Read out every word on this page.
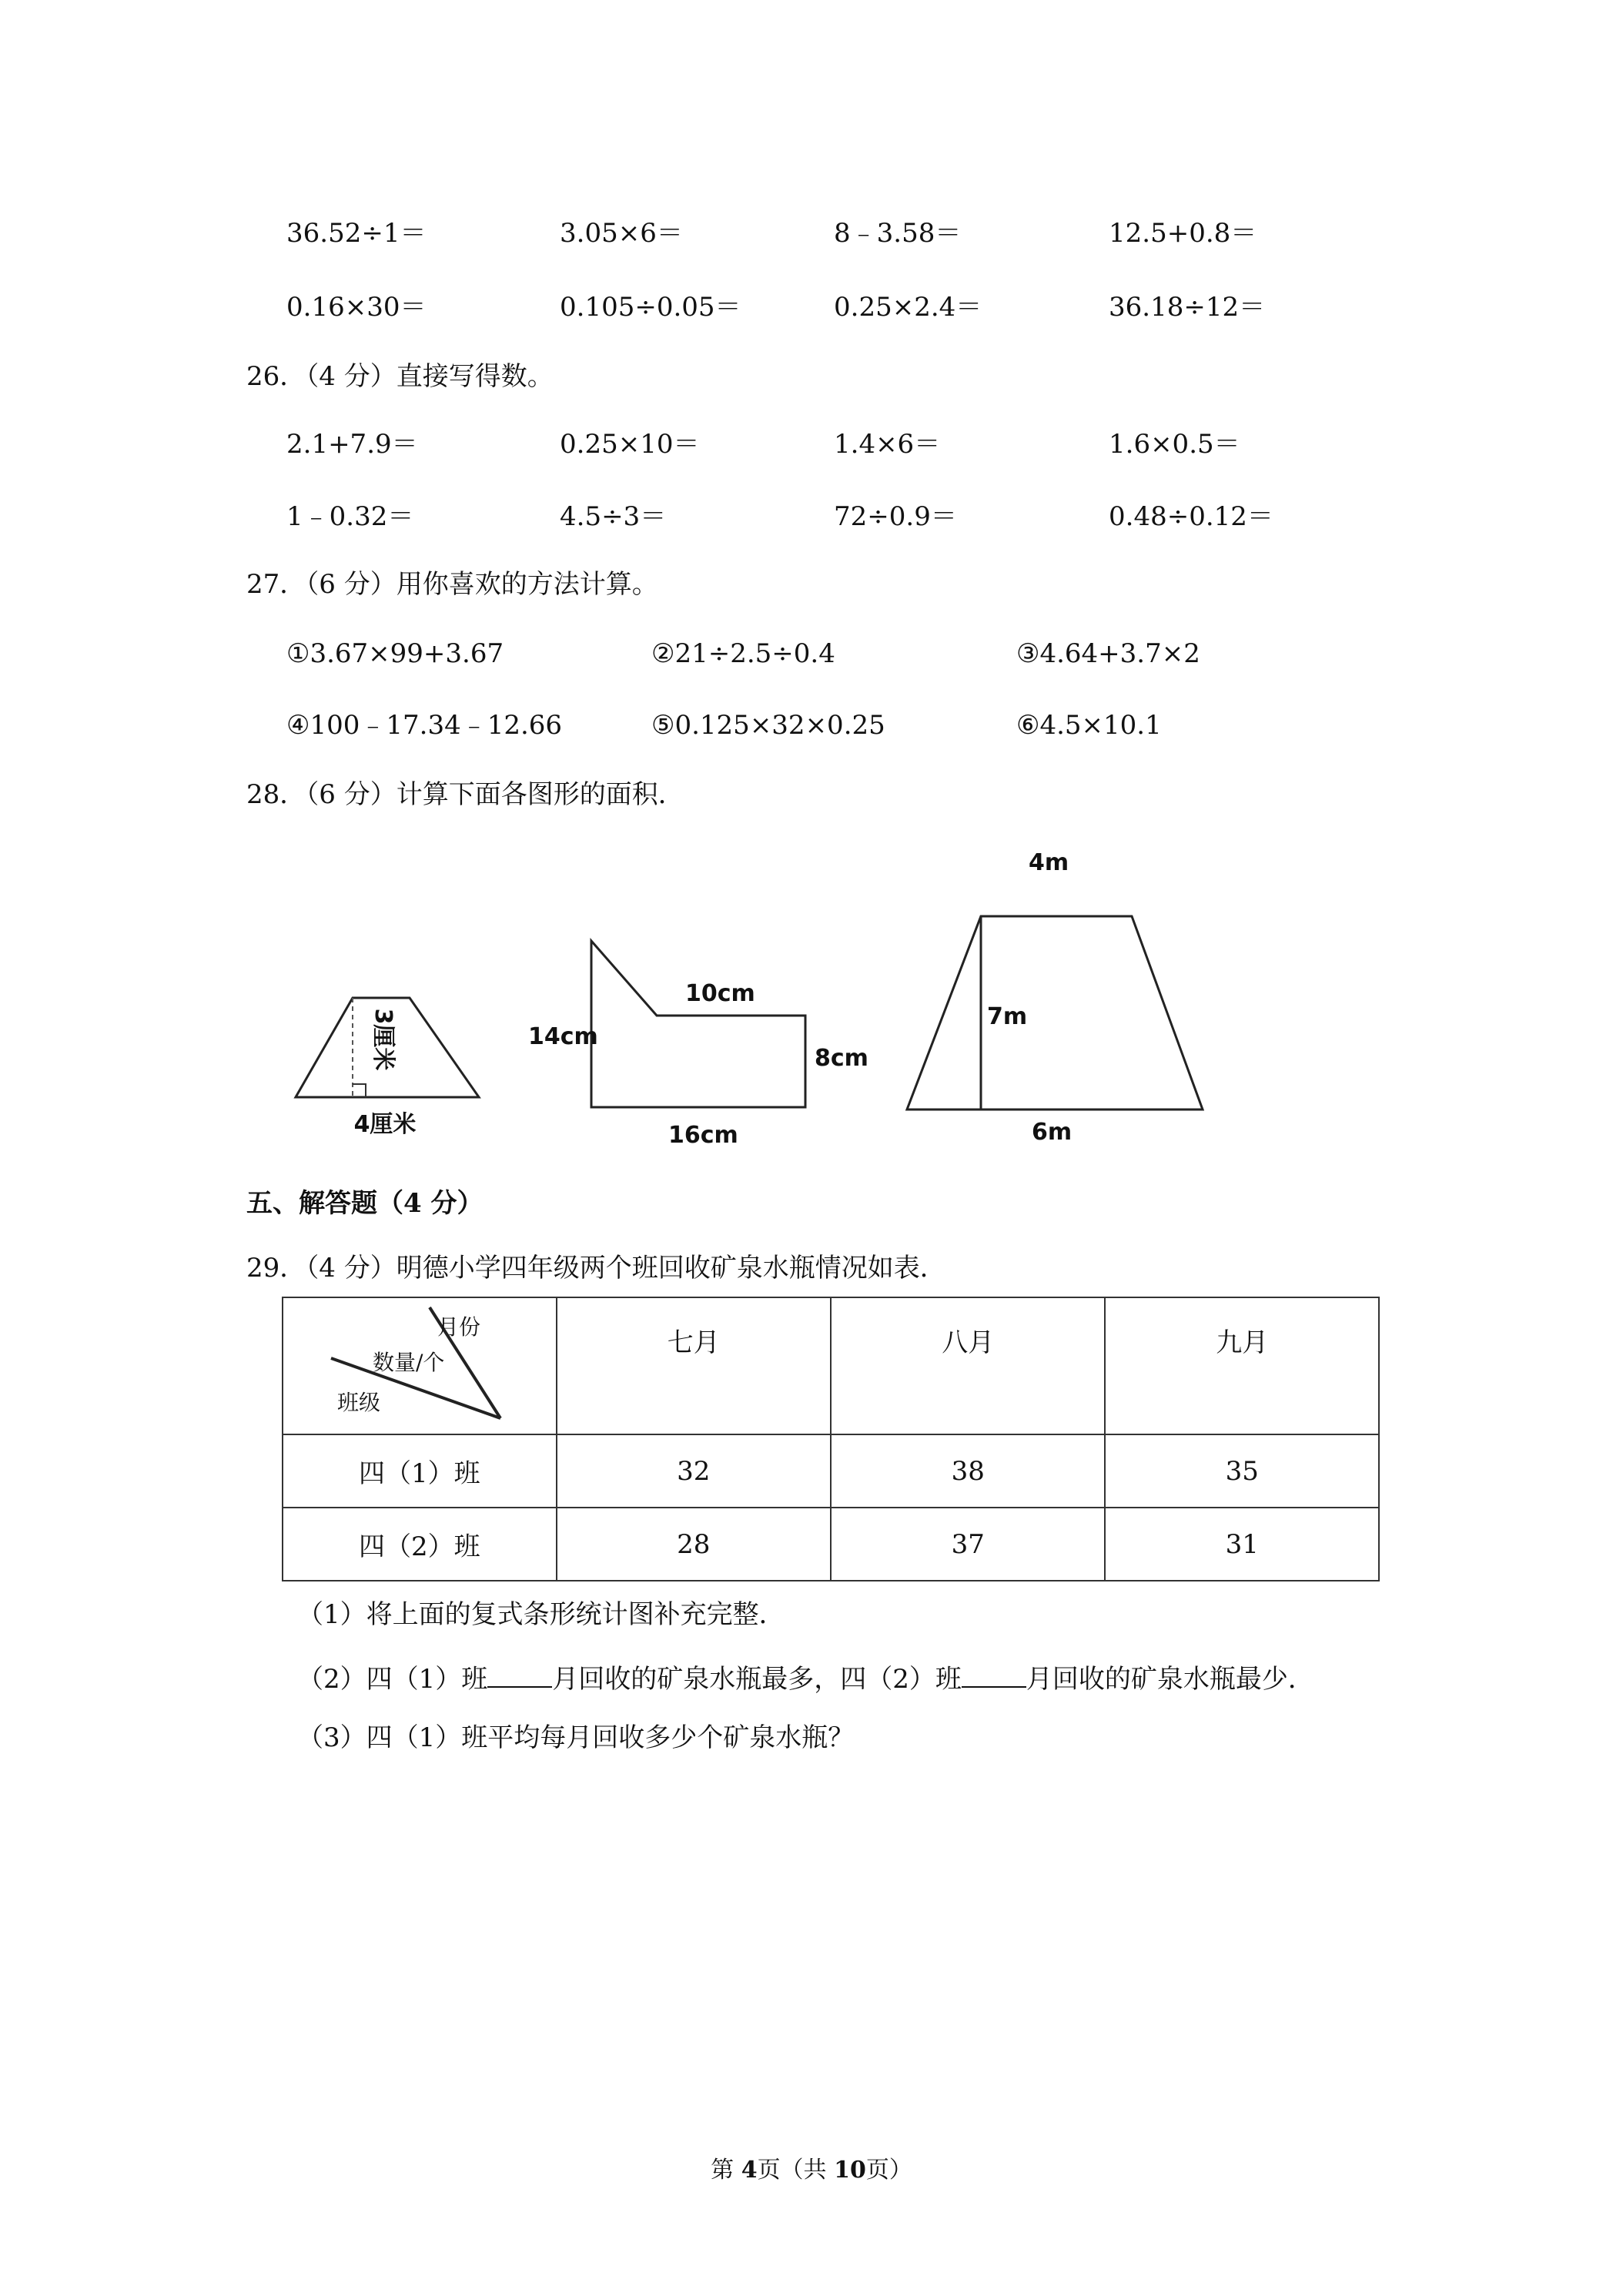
36.52÷1＝	3.05×6＝	8﹣3.58＝	12.5+0.8＝
0.16×30＝	0.105÷0.05＝	0.25×2.4＝	36.18÷12＝
26．（4 分）直接写得数。
2.1+7.9＝	0.25×10＝	1.4×6＝	1.6×0.5＝
1﹣0.32＝	4.5÷3＝	72÷0.9＝	0.48÷0.12＝
27．（6 分）用你喜欢的方法计算。
①3.67×99+3.67	②21÷2.5÷0.4	③4.64+3.7×2
④100﹣17.34﹣12.66	⑤0.125×32×0.25	⑥4.5×10.1
28．（6 分）计算下面各图形的面积．
3厘米
4厘米
14cm
10cm
8cm
16cm
4m
7m
6m
五、解答题（4 分）
29．（4 分）明德小学四年级两个班回收矿泉水瓶情况如表．
月份
数量/个
班级	七月	八月	九月
四（1）班	32	38	35
四（2）班	28	37	31
（1）将上面的复式条形统计图补充完整．
（2）四（1）班 月回收的矿泉水瓶最多，四（2）班 月回收的矿泉水瓶最少．
（3）四（1）班平均每月回收多少个矿泉水瓶？
第 4页（共 10页）
